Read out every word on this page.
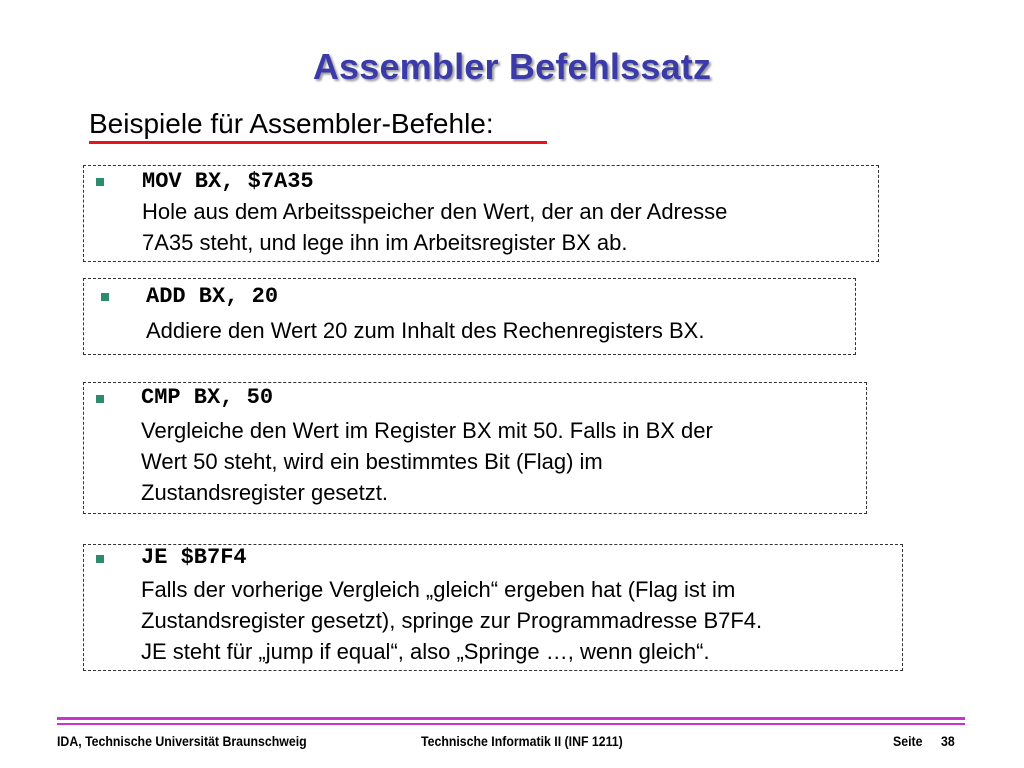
Assembler Befehlssatz
Beispiele für Assembler-Befehle:
MOV BX, $7A35
Hole aus dem Arbeitsspeicher den Wert, der an der Adresse
7A35 steht, und lege ihn im Arbeitsregister BX ab.
ADD BX, 20
Addiere den Wert 20 zum Inhalt des Rechenregisters BX.
CMP BX, 50
Vergleiche den Wert im Register BX mit 50. Falls in BX der
Wert 50 steht, wird ein bestimmtes Bit (Flag) im
Zustandsregister gesetzt.
JE $B7F4
Falls der vorherige Vergleich „gleich“ ergeben hat (Flag ist im
Zustandsregister gesetzt), springe zur Programmadresse B7F4.
JE steht für „jump if equal“, also „Springe …, wenn gleich“.
IDA, Technische Universität Braunschweig	Technische Informatik II (INF 1211)	Seite 38
